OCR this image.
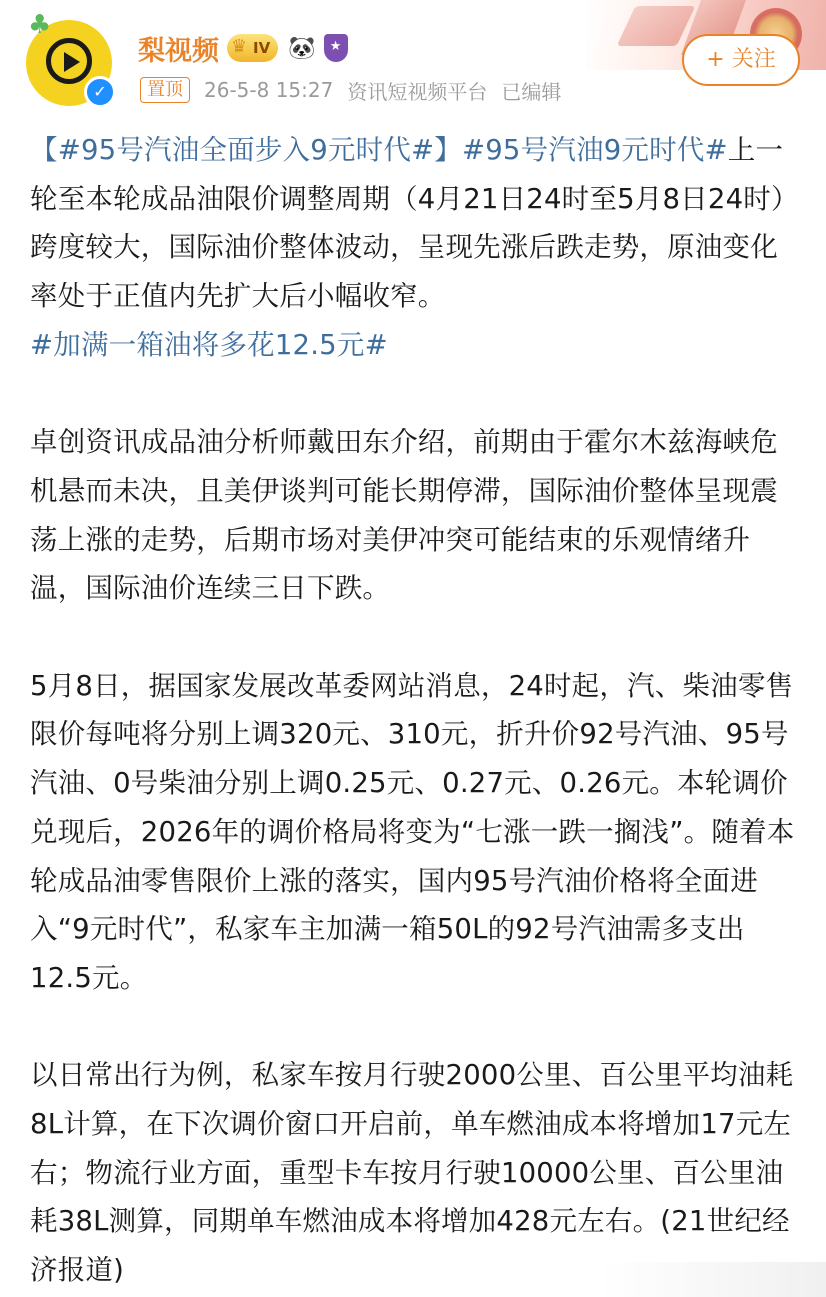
♣
✓
梨视频 ♛ IV 🐼	★
置顶	26-5-8 15:27 资讯短视频平台 已编辑
+ 关注

【#95号汽油全面步入9元时代#】#95号汽油9元时代#上一轮至本轮成品油限价调整周期（4月21日24时至5月8日24时）跨度较大，国际油价整体波动，呈现先涨后跌走势，原油变化率处于正值内先扩大后小幅收窄。
#加满一箱油将多花12.5元#

卓创资讯成品油分析师戴田东介绍，前期由于霍尔木兹海峡危机悬而未决，且美伊谈判可能长期停滞，国际油价整体呈现震荡上涨的走势，后期市场对美伊冲突可能结束的乐观情绪升温，国际油价连续三日下跌。

5月8日，据国家发展改革委网站消息，24时起，汽、柴油零售限价每吨将分别上调320元、310元，折升价92号汽油、95号汽油、0号柴油分别上调0.25元、0.27元、0.26元。本轮调价兑现后，2026年的调价格局将变为“七涨一跌一搁浅”。随着本轮成品油零售限价上涨的落实，国内95号汽油价格将全面进入“9元时代”，私家车主加满一箱50L的92号汽油需多支出12.5元。

以日常出行为例，私家车按月行驶2000公里、百公里平均油耗8L计算，在下次调价窗口开启前，单车燃油成本将增加17元左右；物流行业方面，重型卡车按月行驶10000公里、百公里油耗38L测算，同期单车燃油成本将增加428元左右。(21世纪经济报道)
